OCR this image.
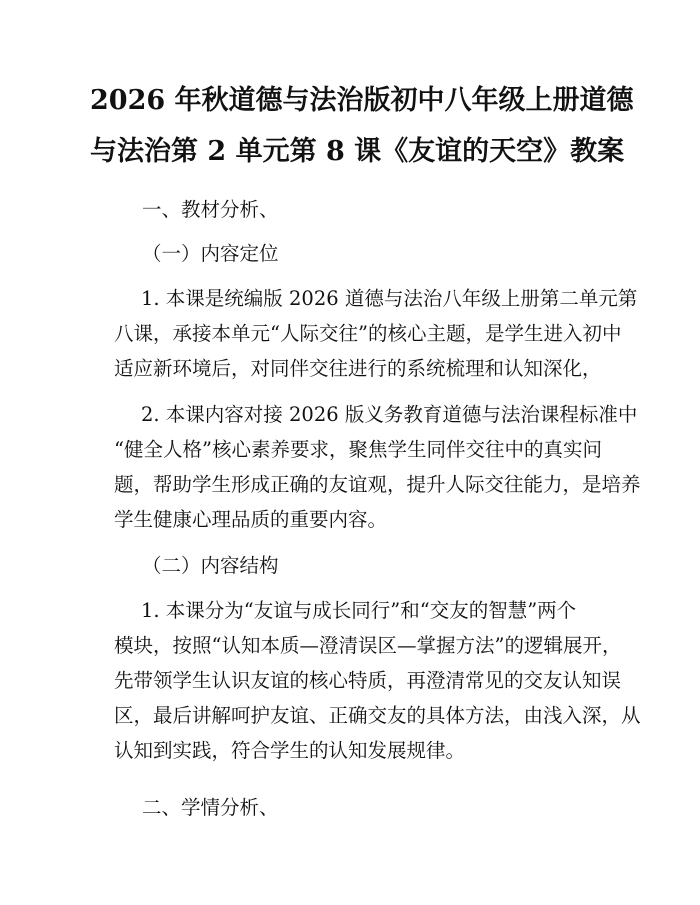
2026 年秋道德与法治版初中八年级上册道德
与法治第 2 单元第 8 课《友谊的天空》教案

一、教材分析、

（一）内容定位

1. 本课是统编版 2026 道德与法治八年级上册第二单元第

八课，承接本单元“人际交往”的核心主题，是学生进入初中

适应新环境后，对同伴交往进行的系统梳理和认知深化，

2. 本课内容对接 2026 版义务教育道德与法治课程标准中

“健全人格”核心素养要求，聚焦学生同伴交往中的真实问

题，帮助学生形成正确的友谊观，提升人际交往能力，是培养

学生健康心理品质的重要内容。

（二）内容结构

1. 本课分为“友谊与成长同行”和“交友的智慧”两个

模块，按照“认知本质—澄清误区—掌握方法”的逻辑展开，

先带领学生认识友谊的核心特质，再澄清常见的交友认知误

区，最后讲解呵护友谊、正确交友的具体方法，由浅入深，从

认知到实践，符合学生的认知发展规律。

二、学情分析、
